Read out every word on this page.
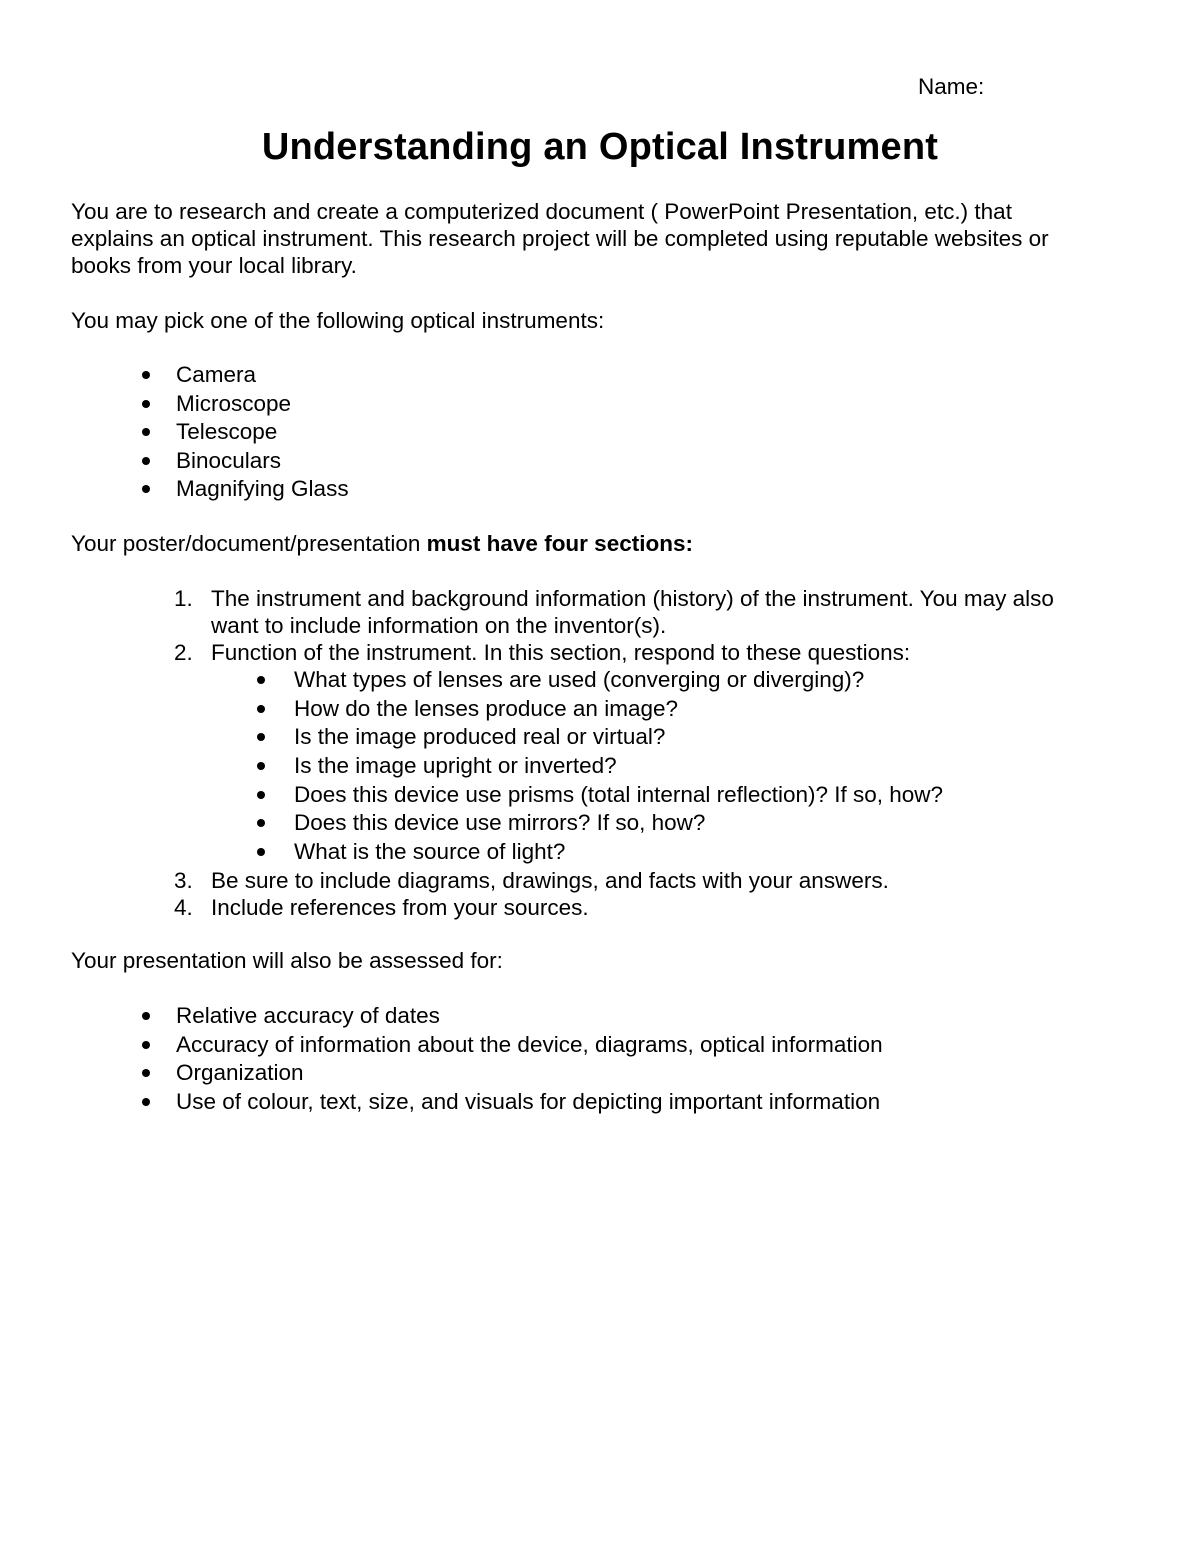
Name:
Understanding an Optical Instrument
You are to research and create a computerized document ( PowerPoint Presentation, etc.) that
explains an optical instrument. This research project will be completed using reputable websites or
books from your local library.

You may pick one of the following optical instruments:

Camera
Microscope
Telescope
Binoculars
Magnifying Glass

Your poster/document/presentation must have four sections:

1. The instrument and background information (history) of the instrument. You may also
want to include information on the inventor(s).
2. Function of the instrument. In this section, respond to these questions:
What types of lenses are used (converging or diverging)?
How do the lenses produce an image?
Is the image produced real or virtual?
Is the image upright or inverted?
Does this device use prisms (total internal reflection)? If so, how?
Does this device use mirrors? If so, how?
What is the source of light?
3. Be sure to include diagrams, drawings, and facts with your answers.
4. Include references from your sources.

Your presentation will also be assessed for:

Relative accuracy of dates
Accuracy of information about the device, diagrams, optical information
Organization
Use of colour, text, size, and visuals for depicting important information
